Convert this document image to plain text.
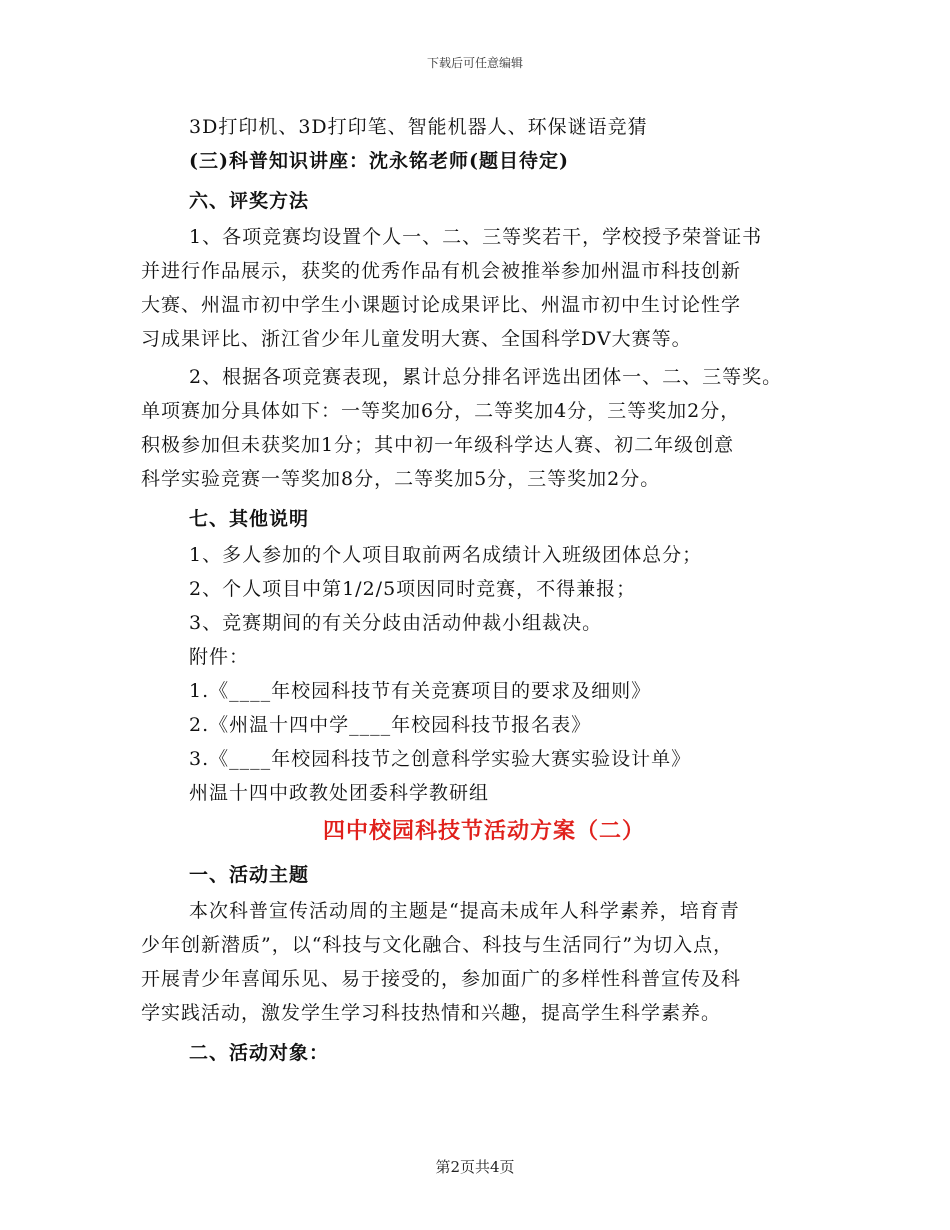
下载后可任意编辑
3D打印机、3D打印笔、智能机器人、环保谜语竞猜
(三)科普知识讲座：沈永铭老师(题目待定)
六、评奖方法
1、各项竞赛均设置个人一、二、三等奖若干，学校授予荣誉证书
并进行作品展示，获奖的优秀作品有机会被推举参加州温市科技创新
大赛、州温市初中学生小课题讨论成果评比、州温市初中生讨论性学
习成果评比、浙江省少年儿童发明大赛、全国科学DV大赛等。
2、根据各项竞赛表现，累计总分排名评选出团体一、二、三等奖。
单项赛加分具体如下：一等奖加6分，二等奖加4分，三等奖加2分，
积极参加但未获奖加1分；其中初一年级科学达人赛、初二年级创意
科学实验竞赛一等奖加8分，二等奖加5分，三等奖加2分。
七、其他说明
1、多人参加的个人项目取前两名成绩计入班级团体总分；
2、个人项目中第1/2/5项因同时竞赛，不得兼报；
3、竞赛期间的有关分歧由活动仲裁小组裁决。
附件：
1.《____年校园科技节有关竞赛项目的要求及细则》
2.《州温十四中学____年校园科技节报名表》
3.《____年校园科技节之创意科学实验大赛实验设计单》
州温十四中政教处团委科学教研组
四中校园科技节活动方案（二）
一、活动主题
本次科普宣传活动周的主题是“提高未成年人科学素养，培育青
少年创新潜质”，以“科技与文化融合、科技与生活同行”为切入点，
开展青少年喜闻乐见、易于接受的，参加面广的多样性科普宣传及科
学实践活动，激发学生学习科技热情和兴趣，提高学生科学素养。
二、活动对象：
第2页共4页
